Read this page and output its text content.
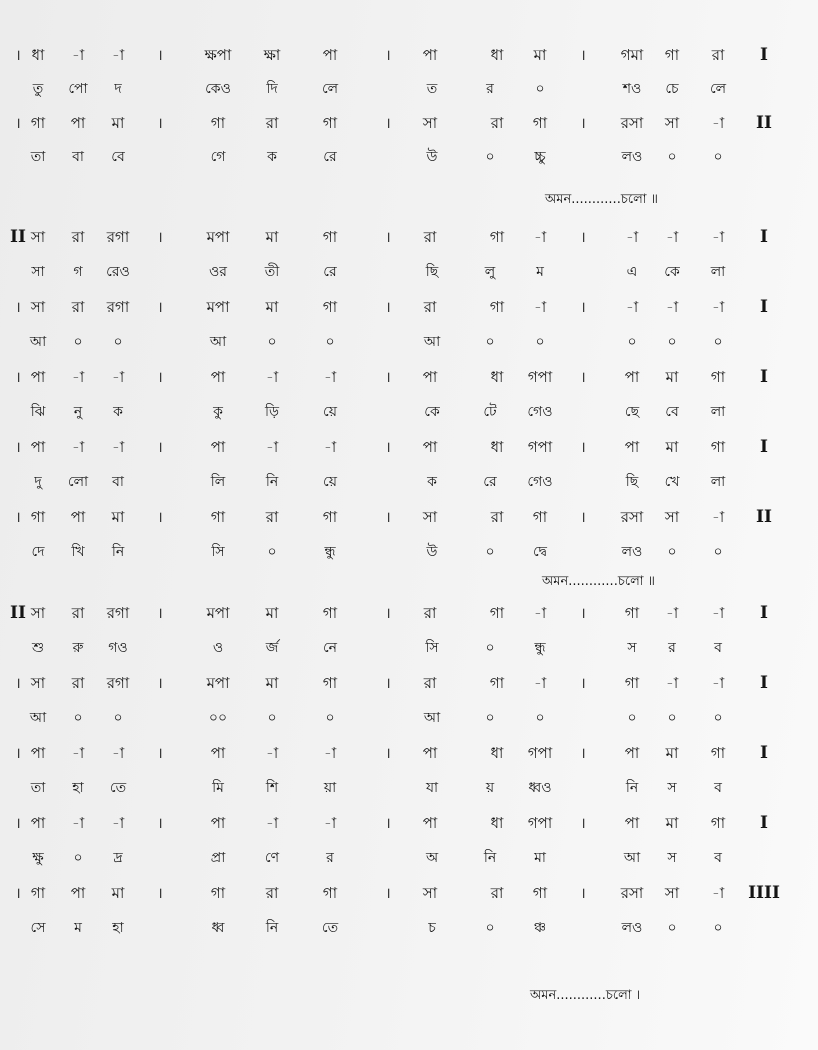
। ধা -া -া ।	ক্ষপা ক্ষা	পা	। পা	ধা মা । গমা গা রা I
তু পো দ	কেও	দি	লে	ত	র	০	শও চে লে
। গা পা মা ।	গা	রা	গা	। সা	রা গা । রসা সা -া II
তা বা বে	গে	ক	রে	উ	০	চ্চু	লও ০	০
অমন............চলো ॥
II সা রা রগা ।	মপা মা	গা	। রা	গা -া ।	-া -া -া I
সা গ রেও	ওর	তী	রে	ছি	লু	ম	এ কে লা
। সা রা রগা ।	মপা মা	গা	। রা	গা -া ।	-া -া -া I
আ ০ ০	আ	০	০	আ	০	০	০ ০	০
। পা -া -া ।	পা	-া	-া	। পা	ধা গপা ।	পা মা গা I
ঝি নু ক	কু	ড়ি	য়ে	কে	টে গেও	ছে বে লা
। পা -া -া ।	পা	-া	-া	। পা	ধা গপা ।	পা মা গা I
দু লো বা	লি	নি	য়ে	ক	রে গেও	ছি খে লা
। গা পা মা ।	গা	রা	গা	। সা	রা গা । রসা সা -া II
দে খি নি	সি	০	ন্ধু	উ	০	দ্বে	লও ০	০
অমন............চলো ॥
II সা রা রগা ।	মপা মা	গা	। রা	গা -া ।	গা -া -া I
শু রু গও	ও	র্জ	নে	সি	০	ন্ধু	স র	ব
। সা রা রগা ।	মপা মা	গা	। রা	গা -া ।	গা -া -া I
আ ০ ০	০০	০	০	আ	০	০	০ ০	০
। পা -া -া ।	পা	-া	-া	। পা	ধা গপা ।	পা মা গা I
তা হা তে	মি	শি	য়া	যা	য় ধ্বও	নি স	ব
। পা -া -া ।	পা	-া	-া	। পা	ধা গপা ।	পা মা গা I
ক্ষু ০ দ্র	প্রা	ণে	র	অ	নি	মা	আ স	ব
। গা পা মা ।	গা	রা	গা	। সা	রা গা । রসা সা -া IIII
সে ম হা	ধ্ব	নি	তে	চ	০	ঞ্চ	লও ০	০
অমন............চলো ।
